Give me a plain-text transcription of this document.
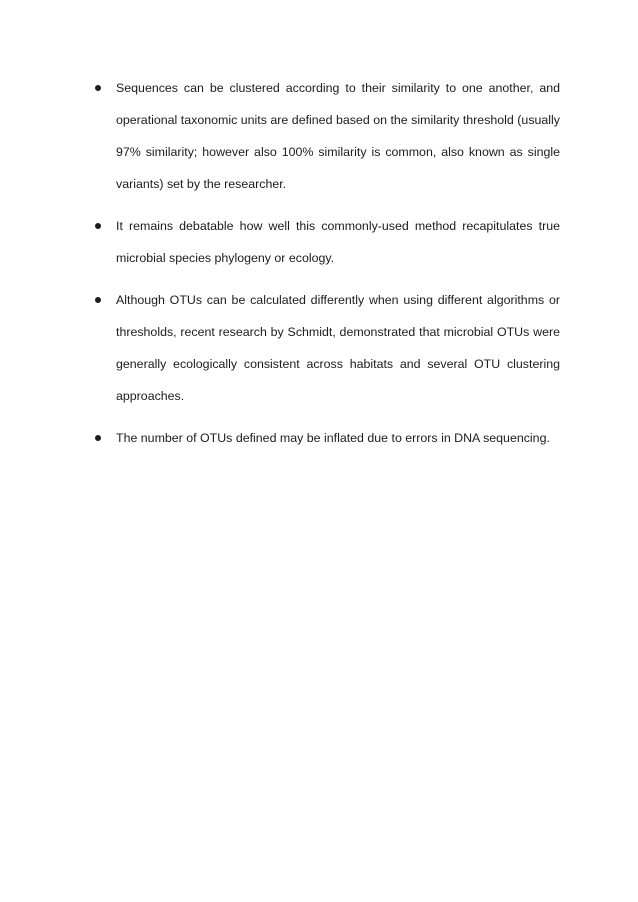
Sequences can be clustered according to their similarity to one another, and operational taxonomic units are defined based on the similarity threshold (usually 97% similarity; however also 100% similarity is common, also known as single variants) set by the researcher.
It remains debatable how well this commonly-used method recapitulates true microbial species phylogeny or ecology.
Although OTUs can be calculated differently when using different algorithms or thresholds, recent research by Schmidt, demonstrated that microbial OTUs were generally ecologically consistent across habitats and several OTU clustering approaches.
The number of OTUs defined may be inflated due to errors in DNA sequencing.
